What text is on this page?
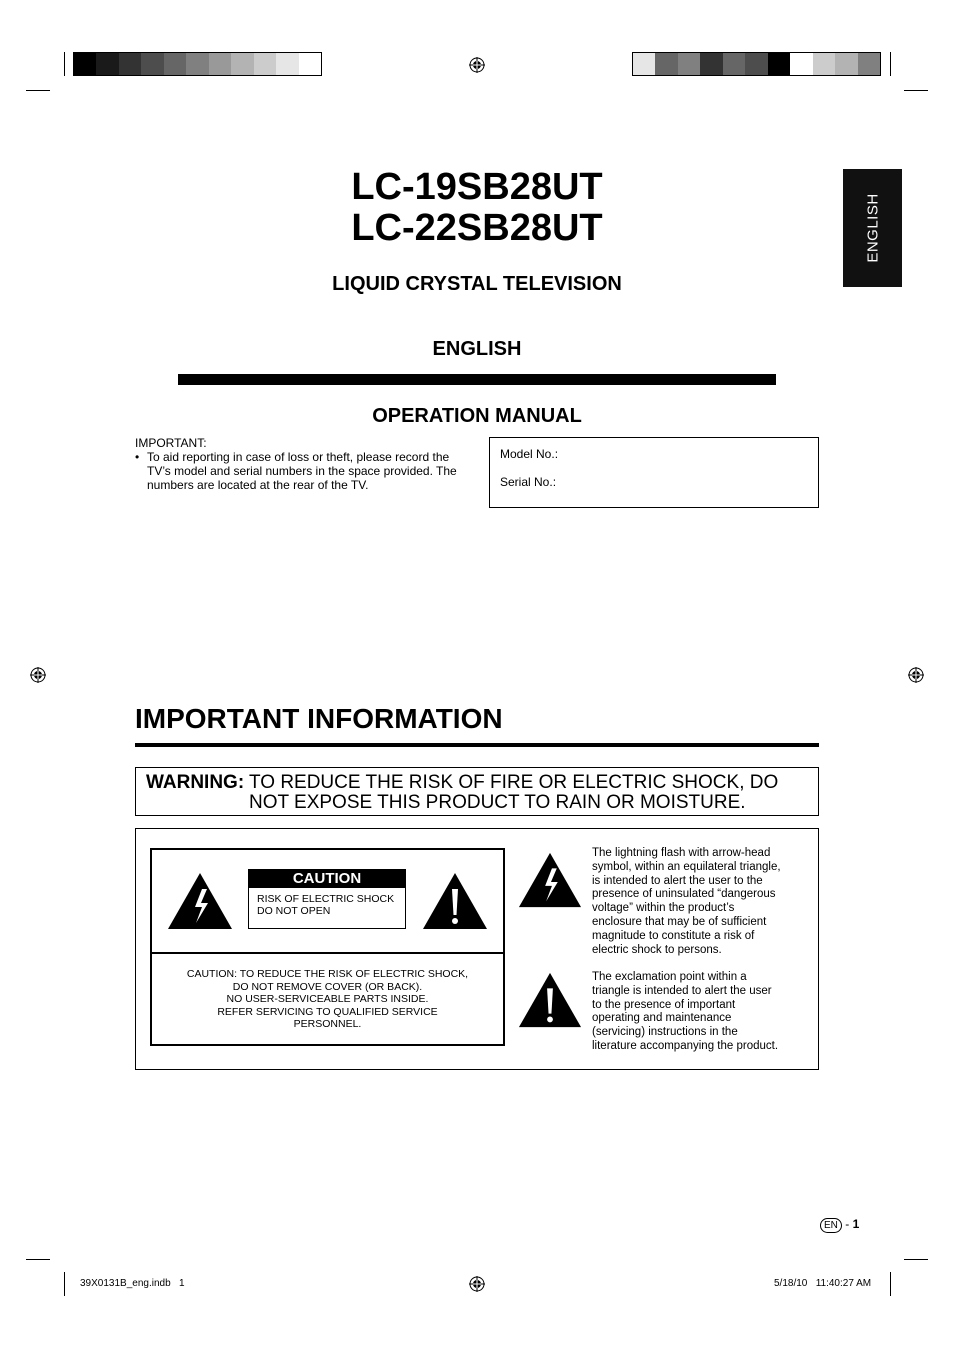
ENGLISH
LC-19SB28UT
LC-22SB28UT
LIQUID CRYSTAL TELEVISION
ENGLISH
OPERATION MANUAL
IMPORTANT:
• To aid reporting in case of loss or theft, please record the
TV’s model and serial numbers in the space provided. The
numbers are located at the rear of the TV.
Model No.:
Serial No.:
IMPORTANT INFORMATION
WARNING: TO REDUCE THE RISK OF FIRE OR ELECTRIC SHOCK, DO
NOT EXPOSE THIS PRODUCT TO RAIN OR MOISTURE.
CAUTION
RISK OF ELECTRIC SHOCK
DO NOT OPEN
CAUTION: TO REDUCE THE RISK OF ELECTRIC SHOCK,
DO NOT REMOVE COVER (OR BACK).
NO USER-SERVICEABLE PARTS INSIDE.
REFER SERVICING TO QUALIFIED SERVICE
PERSONNEL.
The lightning flash with arrow-head
symbol, within an equilateral triangle,
is intended to alert the user to the
presence of uninsulated “dangerous
voltage” within the product’s
enclosure that may be of sufficient
magnitude to constitute a risk of
electric shock to persons.
The exclamation point within a
triangle is intended to alert the user
to the presence of important
operating and maintenance
(servicing) instructions in the
literature accompanying the product.
EN - 1
39X0131B_eng.indb   1	5/18/10   11:40:27 AM
